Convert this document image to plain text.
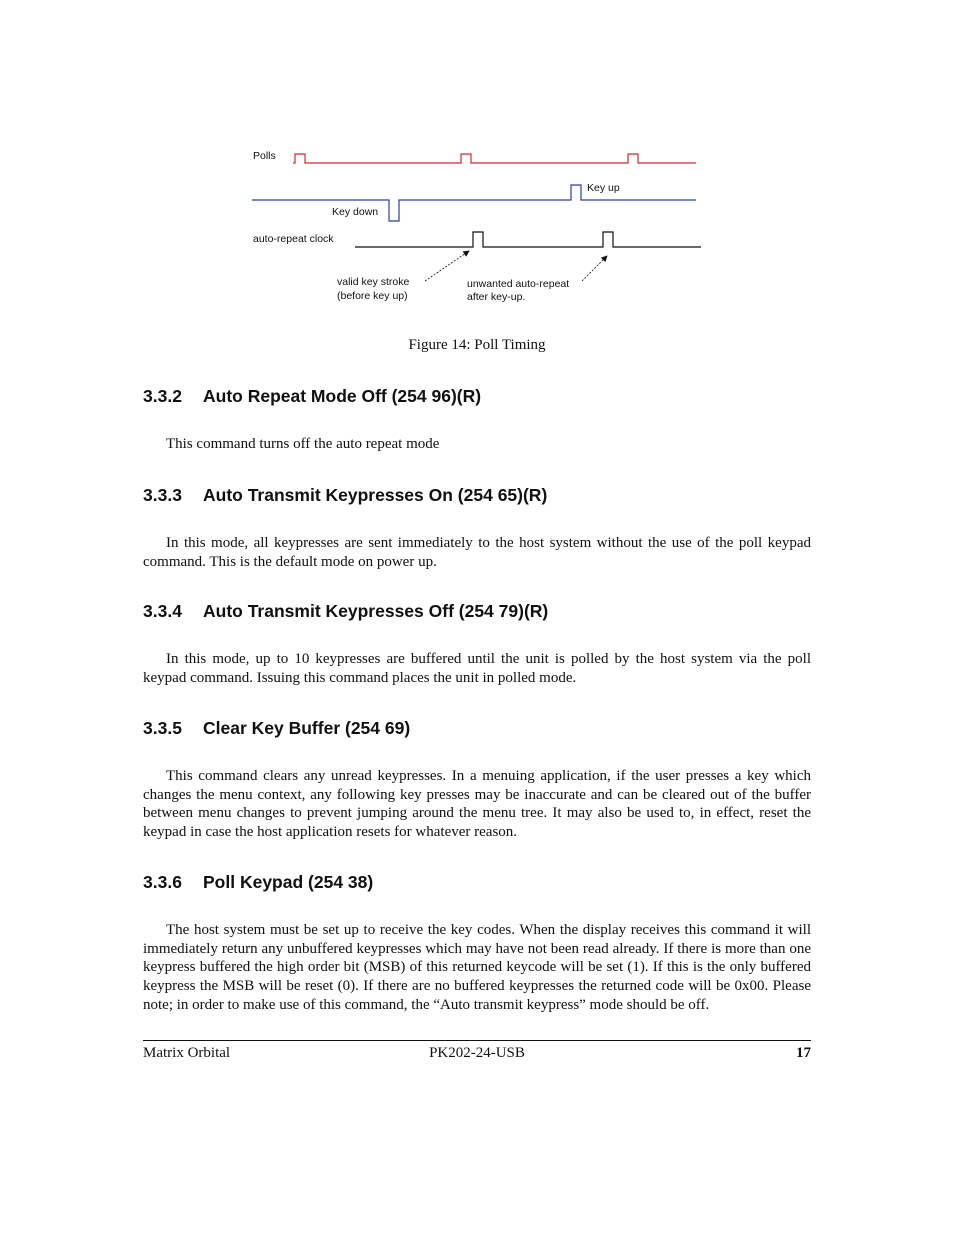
Polls
Key up
Key down
auto-repeat clock
valid key stroke
(before key up)
unwanted auto-repeat
after key-up.
Figure 14: Poll Timing
3.3.2 Auto Repeat Mode Off (254 96)(R)

This command turns off the auto repeat mode

3.3.3 Auto Transmit Keypresses On (254 65)(R)

In this mode, all keypresses are sent immediately to the host system without the use of the poll keypad command. This is the default mode on power up.

3.3.4 Auto Transmit Keypresses Off (254 79)(R)

In this mode, up to 10 keypresses are buffered until the unit is polled by the host system via the poll keypad command. Issuing this command places the unit in polled mode.

3.3.5 Clear Key Buffer (254 69)

This command clears any unread keypresses. In a menuing application, if the user presses a key which changes the menu context, any following key presses may be inaccurate and can be cleared out of the buffer between menu changes to prevent jumping around the menu tree. It may also be used to, in effect, reset the keypad in case the host application resets for whatever reason.

3.3.6 Poll Keypad (254 38)

The host system must be set up to receive the key codes. When the display receives this command it will immediately return any unbuffered keypresses which may have not been read already. If there is more than one keypress buffered the high order bit (MSB) of this returned keycode will be set (1). If this is the only buffered keypress the MSB will be reset (0). If there are no buffered keypresses the returned code will be 0x00. Please note; in order to make use of this command, the “Auto transmit keypress” mode should be off.

PK202-24-USB
Matrix Orbital	17
